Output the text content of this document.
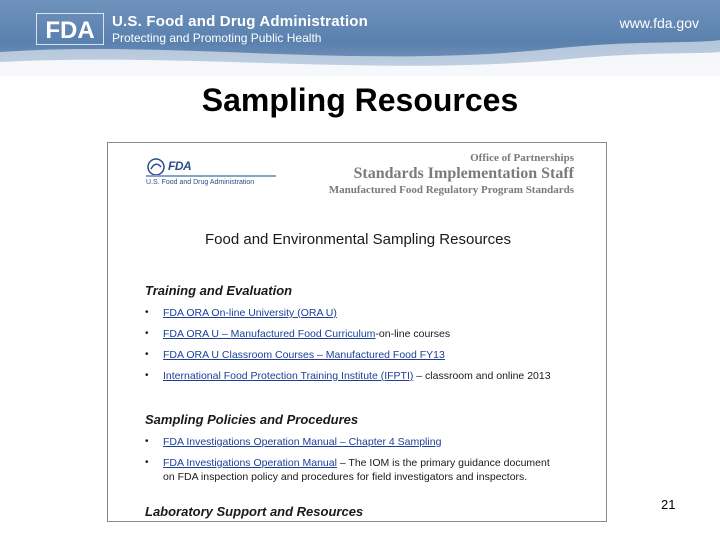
FDA U.S. Food and Drug Administration
Protecting and Promoting Public Health
www.fda.gov
Sampling Resources
FDA
U.S. Food and Drug Administration
Office of Partnerships
Standards Implementation Staff
Manufactured Food Regulatory Program Standards
Food and Environmental Sampling Resources
Training and Evaluation
• FDA ORA On-line University (ORA U)
• FDA ORA U – Manufactured Food Curriculum-on-line courses
• FDA ORA U Classroom Courses – Manufactured Food FY13
• International Food Protection Training Institute (IFPTI) – classroom and online 2013
Sampling Policies and Procedures
• FDA Investigations Operation Manual – Chapter 4 Sampling
• FDA Investigations Operation Manual – The IOM is the primary guidance document on FDA inspection policy and procedures for field investigators and inspectors.
Laboratory Support and Resources	21
